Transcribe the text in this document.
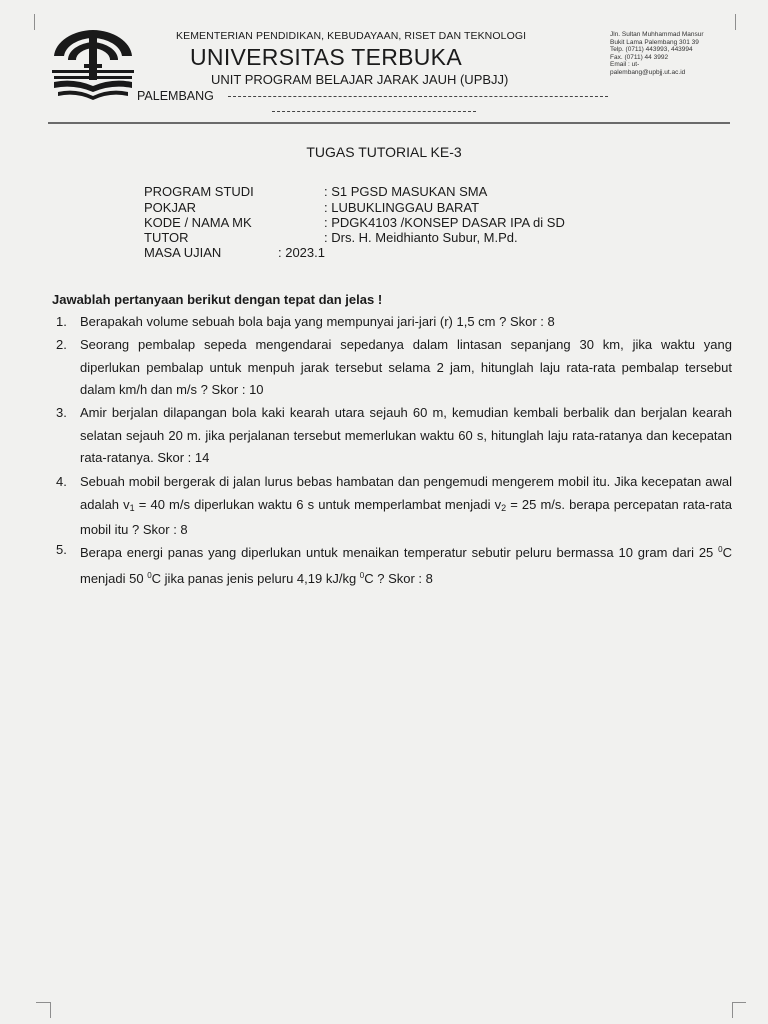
KEMENTERIAN PENDIDIKAN, KEBUDAYAAN, RISET DAN TEKNOLOGI
UNIVERSITAS TERBUKA
UNIT PROGRAM BELAJAR JARAK JAUH (UPBJJ)
PALEMBANG
Jln. Sultan Muhhammad Mansur
Bukit Lama Palembang 301 39
Telp. (0711) 443993, 443994
Fax. (0711) 44 3992
Email : ut-
palembang@upbjj.ut.ac.id
TUGAS TUTORIAL KE-3
PROGRAM STUDI	: S1 PGSD MASUKAN SMA
POKJAR	: LUBUKLINGGAU BARAT
KODE / NAMA MK	: PDGK4103 /KONSEP DASAR IPA di SD
TUTOR	: Drs. H. Meidhianto Subur, M.Pd.
MASA UJIAN	: 2023.1
Jawablah pertanyaan berikut dengan tepat dan jelas !
1. Berapakah volume sebuah bola baja yang mempunyai jari-jari (r) 1,5 cm ? Skor : 8
2. Seorang pembalap sepeda mengendarai sepedanya dalam lintasan sepanjang 30 km, jika waktu yang diperlukan pembalap untuk menpuh jarak tersebut selama 2 jam, hitunglah laju rata-rata pembalap tersebut dalam km/h dan m/s ? Skor : 10
3. Amir berjalan dilapangan bola kaki kearah utara sejauh 60 m, kemudian kembali berbalik dan berjalan kearah selatan sejauh 20 m. jika perjalanan tersebut memerlukan waktu 60 s, hitunglah laju rata-ratanya dan kecepatan rata-ratanya. Skor : 14
4. Sebuah mobil bergerak di jalan lurus bebas hambatan dan pengemudi mengerem mobil itu. Jika kecepatan awal adalah $v_1 = 40$ m/s diperlukan waktu 6 s untuk memperlambat menjadi $v_2 = 25$ m/s. berapa percepatan rata-rata mobil itu ? Skor : 8
5. Berapa energi panas yang diperlukan untuk menaikan temperatur sebutir peluru bermassa 10 gram dari 25 $^0$C menjadi 50 $^0$C jika panas jenis peluru 4,19 kJ/kg $^0$C ? Skor : 8
